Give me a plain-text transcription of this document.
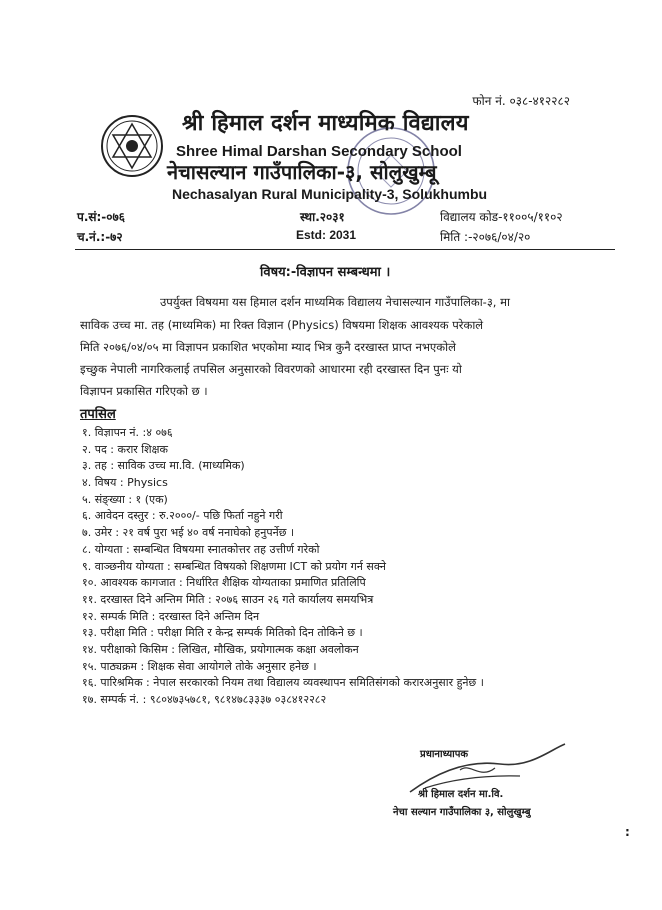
फोन नं. ०३८-४१२२८२
श्री हिमाल दर्शन माध्यमिक विद्यालय
Shree Himal Darshan Secondary School
नेचासल्यान गाउँपालिका-३, सोलुखुम्बू
Nechasalyan Rural Municipality-3, Solukhumbu
प.सं:-०७६
च.नं.:-७२
स्था.२०३१
Estd: 2031
विद्यालय कोड-११००५/११०२
मिति :-२०७६/०४/२०
विषय:-विज्ञापन सम्बन्धमा ।
उपर्युक्त विषयमा यस हिमाल दर्शन माध्यमिक विद्यालय नेचासल्यान गाउँपालिका-३, मा
साविक उच्च मा. तह (माध्यमिक) मा रिक्त विज्ञान (Physics) विषयमा शिक्षक आवश्यक परेकाले
मिति २०७६/०४/०५ मा विज्ञापन प्रकाशित भएकोमा म्याद भित्र कुनै दरखास्त प्राप्त नभएकोले
इच्छुक नेपाली नागरिकलाई तपसिल अनुसारको विवरणको आधारमा रही दरखास्त दिन पुनः यो
विज्ञापन प्रकासित गरिएको छ ।
तपसिल
१. विज्ञापन नं. :४ ०७६
२. पद : करार शिक्षक
३. तह : साविक उच्च मा.वि. (माध्यमिक)
४. विषय : Physics
५. संङ्ख्या : १ (एक)
६. आवेदन दस्तुर : रु.२०००/- पछि फिर्ता नहुने गरी
७. उमेर : २१ वर्ष पुरा भई ४० वर्ष ननाघेको हनुपर्नेछ ।
८. योग्यता : सम्बन्धित विषयमा स्नातकोत्तर तह उत्तीर्ण गरेको
९. वाञ्छनीय योग्यता : सम्बन्धित विषयको शिक्षणमा ICT को प्रयोग गर्न सक्ने
१०. आवश्यक कागजात : निर्धारित शैक्षिक योग्यताका प्रमाणित प्रतिलिपि
११. दरखास्त दिने अन्तिम मिति : २०७६ साउन २६ गते कार्यालय समयभित्र
१२. सम्पर्क मिति : दरखास्त दिने अन्तिम दिन
१३. परीक्षा मिति : परीक्षा मिति र केन्द्र सम्पर्क मितिको दिन तोकिने छ ।
१४. परीक्षाको किसिम : लिखित, मौखिक, प्रयोगात्मक कक्षा अवलोकन
१५. पाठ्यक्रम : शिक्षक सेवा आयोगले तोके अनुसार हनेछ ।
१६. पारिश्रमिक : नेपाल सरकारको नियम तथा विद्यालय व्यवस्थापन समितिसंगको करारअनुसार हुनेछ ।
१७. सम्पर्क नं. : ९८०४७३५७८१, ९८१४७८३३३७ ०३८४१२२८२
प्रधानाध्यापक
श्री हिमाल दर्शन मा.वि.
नेचा सल्यान गाउँपालिका ३, सोलुखुम्बु
:
